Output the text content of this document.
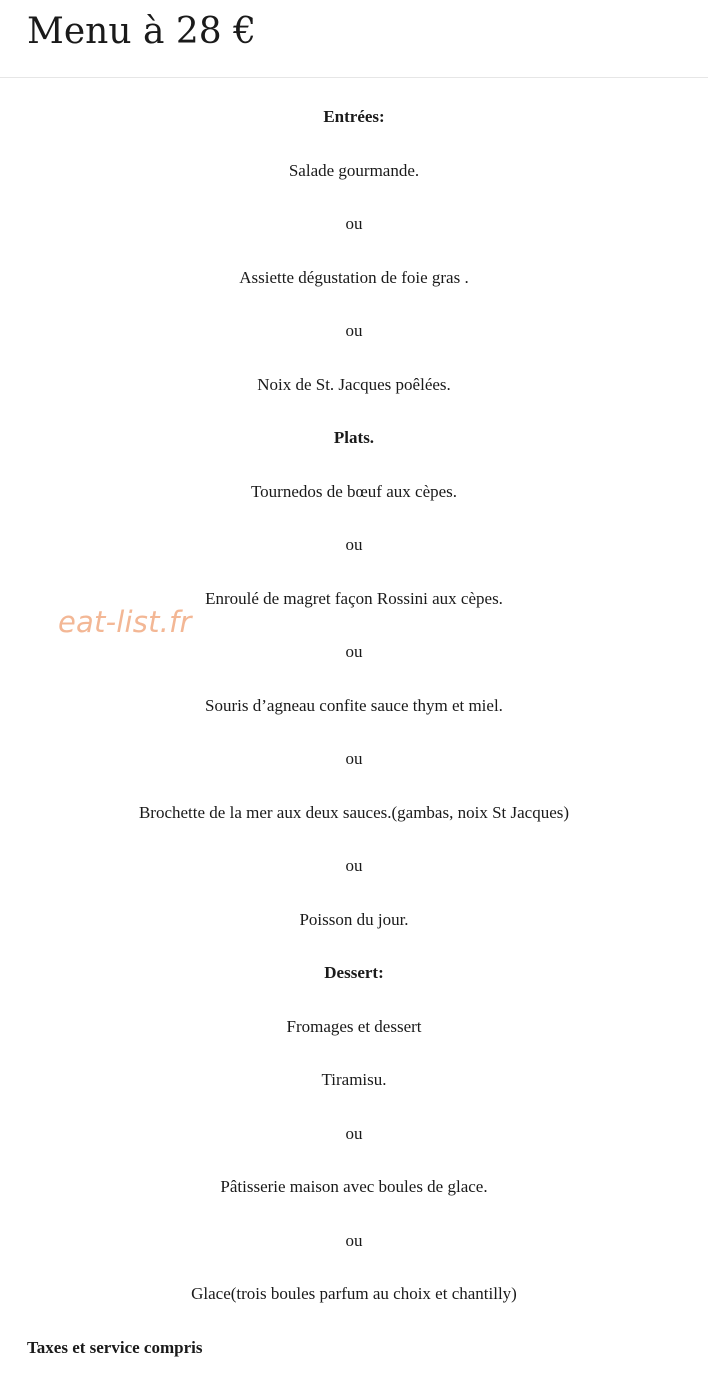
Menu à 28 €
eat-list.fr
Entrées:
Salade gourmande.
ou
Assiette dégustation de foie gras .
ou
Noix de St. Jacques poêlées.
Plats.
Tournedos de bœuf aux cèpes.
ou
Enroulé de magret façon Rossini aux cèpes.
ou
Souris d’agneau confite sauce thym et miel.
ou
Brochette de la mer aux deux sauces.(gambas, noix St Jacques)
ou
Poisson du jour.
Dessert:
Fromages et dessert
Tiramisu.
ou
Pâtisserie maison avec boules de glace.
ou
Glace(trois boules parfum au choix et chantilly)
Taxes et service compris
